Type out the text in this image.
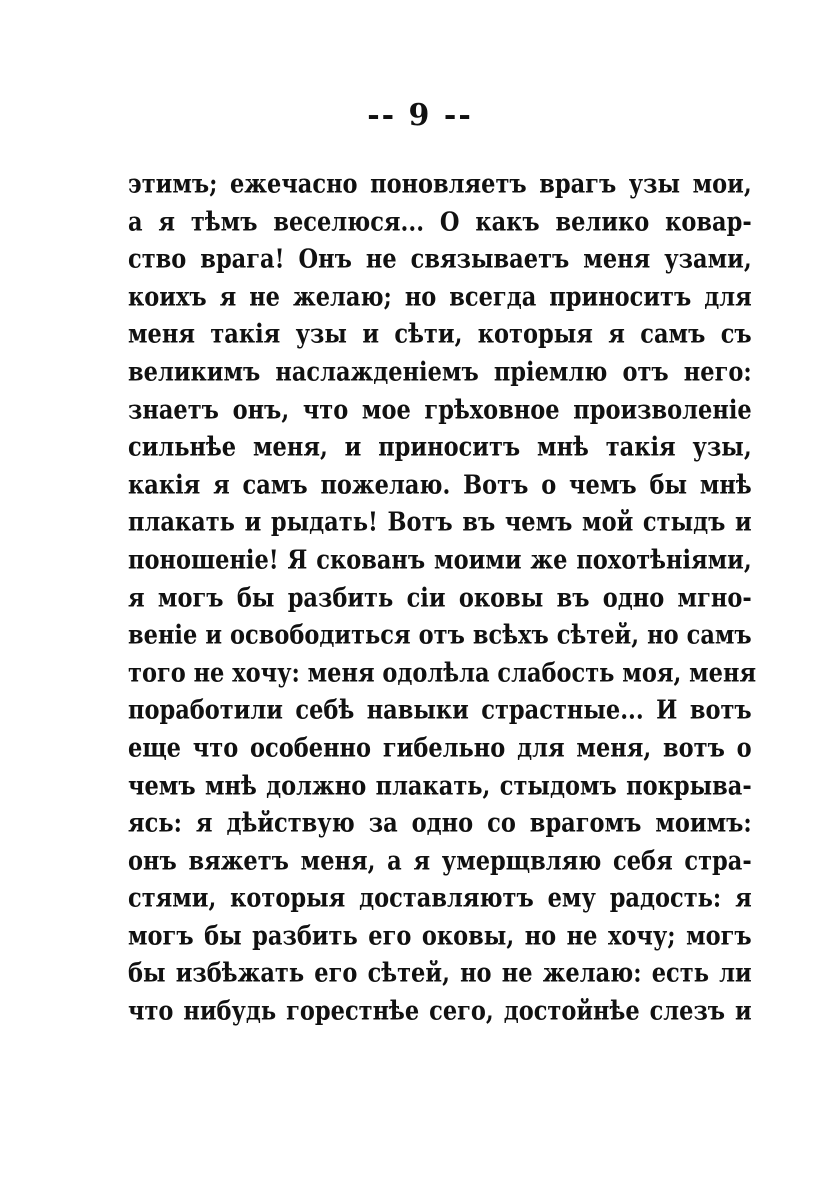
-- 9 --
этимъ; ежечасно поновляетъ врагъ узы мои,
а я тѣмъ веселюся... О какъ велико ковар-
ство врага! Онъ не связываетъ меня узами,
коихъ я не желаю; но всегда приноситъ для
меня такія узы и сѣти, которыя я самъ съ
великимъ наслажденіемъ пріемлю отъ него:
знаетъ онъ, что мое грѣховное произволеніе
сильнѣе меня, и приноситъ мнѣ такія узы,
какія я самъ пожелаю. Вотъ о чемъ бы мнѣ
плакать и рыдать! Вотъ въ чемъ мой стыдъ и
поношеніе! Я скованъ моими же похотѣніями,
я могъ бы разбить сіи оковы въ одно мгно-
веніе и освободиться отъ всѣхъ сѣтей, но самъ
того не хочу: меня одолѣла слабость моя, меня
поработили себѣ навыки страстные... И вотъ
еще что особенно гибельно для меня, вотъ о
чемъ мнѣ должно плакать, стыдомъ покрыва-
ясь: я дѣйствую за одно со врагомъ моимъ:
онъ вяжетъ меня, а я умерщвляю себя стра-
стями, которыя доставляютъ ему радость: я
могъ бы разбить его оковы, но не хочу; могъ
бы избѣжать его сѣтей, но не желаю: есть ли
что нибудь горестнѣе сего, достойнѣе слезъ и
